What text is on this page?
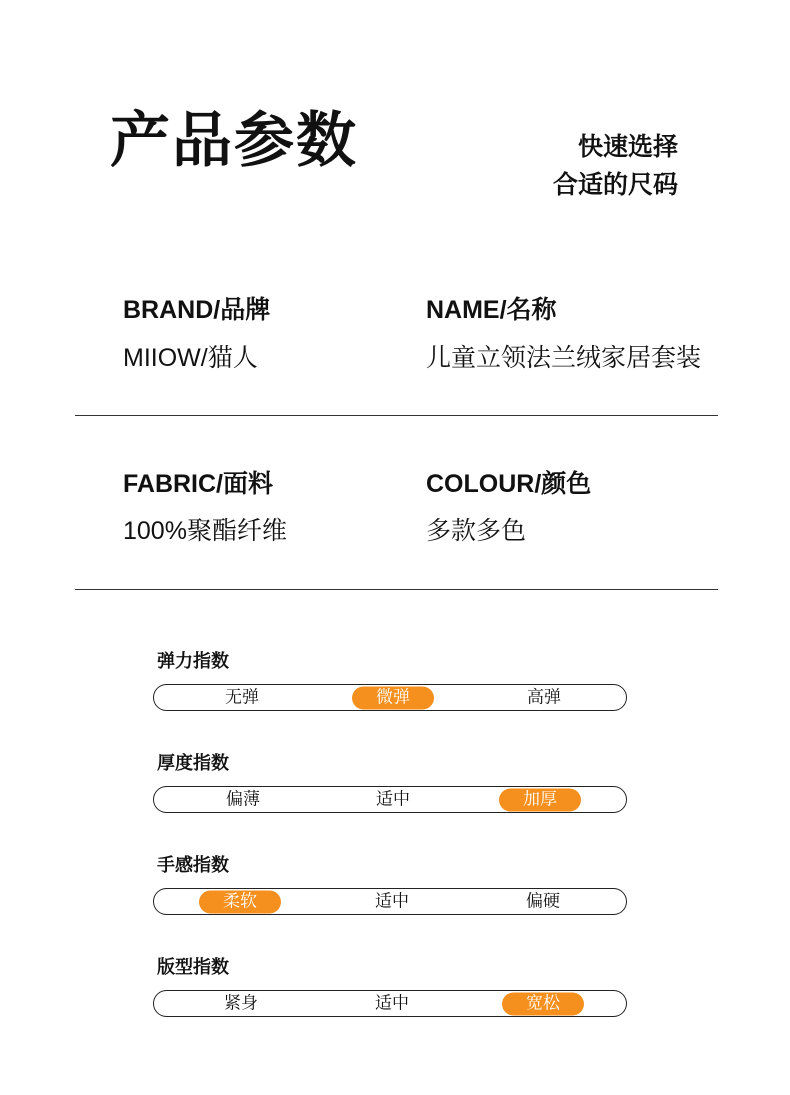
产品参数	快速选择
合适的尺码
BRAND/品牌
MIIOW/猫人
NAME/名称
儿童立领法兰绒家居套装
FABRIC/面料
100%聚酯纤维
COLOUR/颜色
多款多色
弹力指数
无弹	微弹	高弹
厚度指数
偏薄	适中	加厚
手感指数
柔软	适中	偏硬
版型指数
紧身	适中	宽松
